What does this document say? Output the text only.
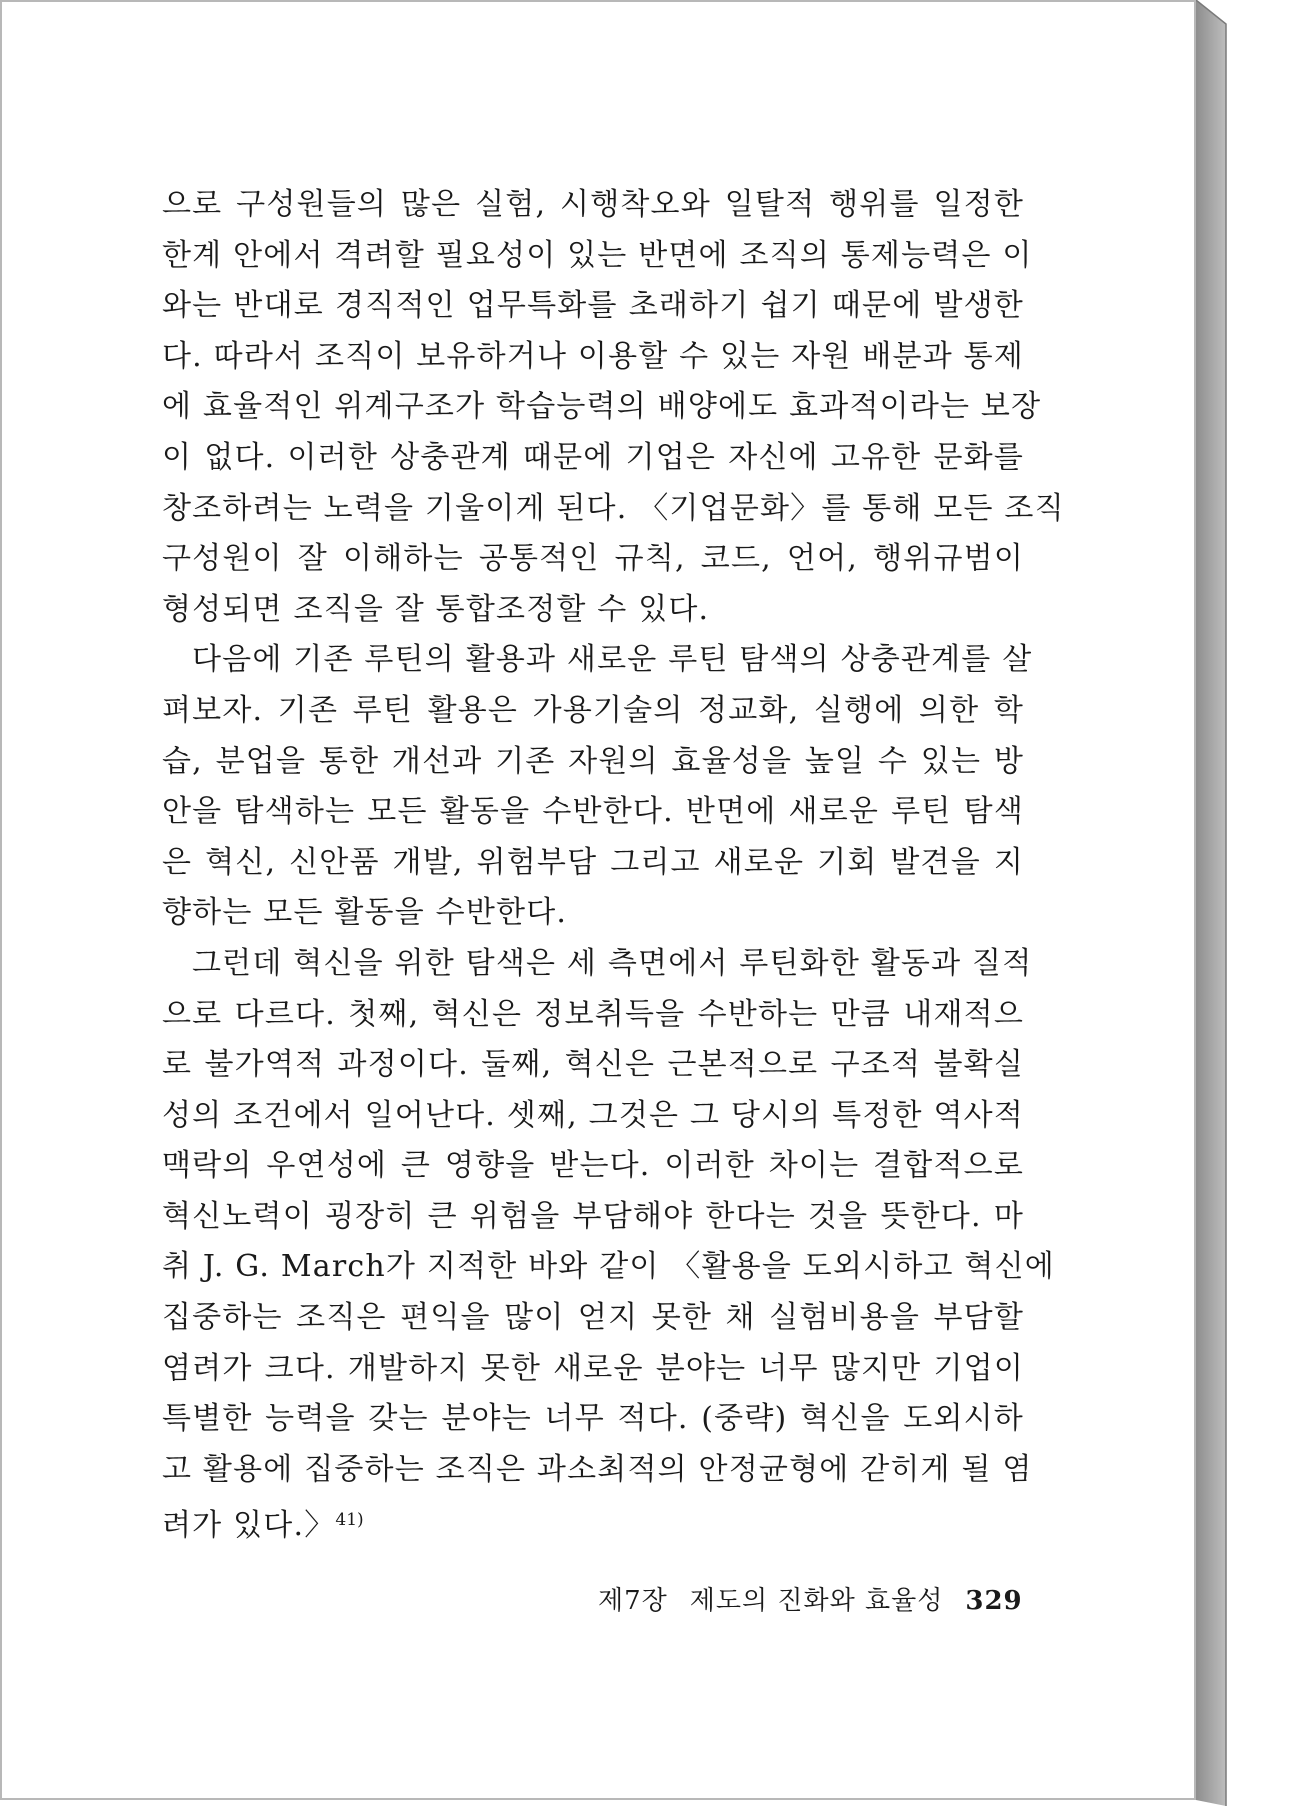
으로 구성원들의 많은 실험, 시행착오와 일탈적 행위를 일정한
한계 안에서 격려할 필요성이 있는 반면에 조직의 통제능력은 이
와는 반대로 경직적인 업무특화를 초래하기 쉽기 때문에 발생한
다. 따라서 조직이 보유하거나 이용할 수 있는 자원 배분과 통제
에 효율적인 위계구조가 학습능력의 배양에도 효과적이라는 보장
이 없다. 이러한 상충관계 때문에 기업은 자신에 고유한 문화를
창조하려는 노력을 기울이게 된다. 〈기업문화〉를 통해 모든 조직
구성원이 잘 이해하는 공통적인 규칙, 코드, 언어, 행위규범이
형성되면 조직을 잘 통합조정할 수 있다.
다음에 기존 루틴의 활용과 새로운 루틴 탐색의 상충관계를 살
펴보자. 기존 루틴 활용은 가용기술의 정교화, 실행에 의한 학
습, 분업을 통한 개선과 기존 자원의 효율성을 높일 수 있는 방
안을 탐색하는 모든 활동을 수반한다. 반면에 새로운 루틴 탐색
은 혁신, 신안품 개발, 위험부담 그리고 새로운 기회 발견을 지
향하는 모든 활동을 수반한다.
그런데 혁신을 위한 탐색은 세 측면에서 루틴화한 활동과 질적
으로 다르다. 첫째, 혁신은 정보취득을 수반하는 만큼 내재적으
로 불가역적 과정이다. 둘째, 혁신은 근본적으로 구조적 불확실
성의 조건에서 일어난다. 셋째, 그것은 그 당시의 특정한 역사적
맥락의 우연성에 큰 영향을 받는다. 이러한 차이는 결합적으로
혁신노력이 굉장히 큰 위험을 부담해야 한다는 것을 뜻한다. 마
취 J. G. March가 지적한 바와 같이 〈활용을 도외시하고 혁신에
집중하는 조직은 편익을 많이 얻지 못한 채 실험비용을 부담할
염려가 크다. 개발하지 못한 새로운 분야는 너무 많지만 기업이
특별한 능력을 갖는 분야는 너무 적다. (중략) 혁신을 도외시하
고 활용에 집중하는 조직은 과소최적의 안정균형에 갇히게 될 염
려가 있다.〉$^{41)}$
제7장 제도의 진화와 효율성 329
